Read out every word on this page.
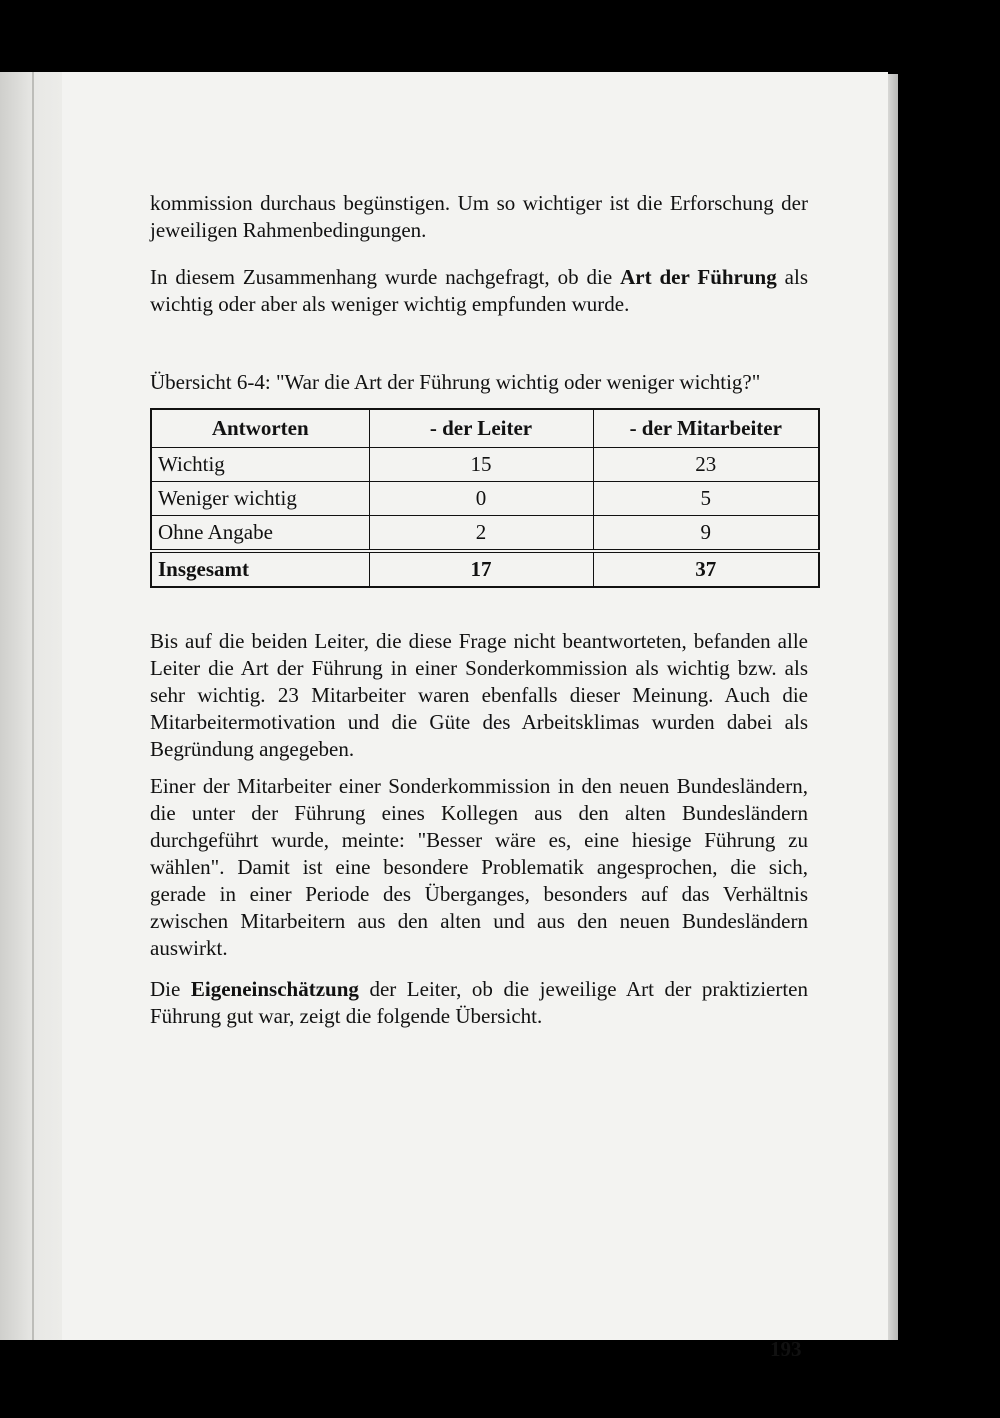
kommission durchaus begünstigen. Um so wichtiger ist die Erforschung der jeweiligen Rahmenbedingungen.

In diesem Zusammenhang wurde nachgefragt, ob die Art der Führung als wichtig oder aber als weniger wichtig empfunden wurde.

Übersicht 6-4: "War die Art der Führung wichtig oder weniger wichtig?"

Antworten	- der Leiter	- der Mitarbeiter
Wichtig	15	23
Weniger wichtig	0	5
Ohne Angabe	2	9
Insgesamt	17	37

Bis auf die beiden Leiter, die diese Frage nicht beantworteten, befanden alle Leiter die Art der Führung in einer Sonderkommission als wichtig bzw. als sehr wichtig. 23 Mitarbeiter waren ebenfalls dieser Meinung. Auch die Mitarbeitermotivation und die Güte des Arbeitsklimas wurden dabei als Begründung angegeben.

Einer der Mitarbeiter einer Sonderkommission in den neuen Bundesländern, die unter der Führung eines Kollegen aus den alten Bundesländern durchgeführt wurde, meinte: "Besser wäre es, eine hiesige Führung zu wählen". Damit ist eine besondere Problematik angesprochen, die sich, gerade in einer Periode des Überganges, besonders auf das Verhältnis zwischen Mitarbeitern aus den alten und aus den neuen Bundesländern auswirkt.

Die Eigeneinschätzung der Leiter, ob die jeweilige Art der praktizierten Führung gut war, zeigt die folgende Übersicht.

193
